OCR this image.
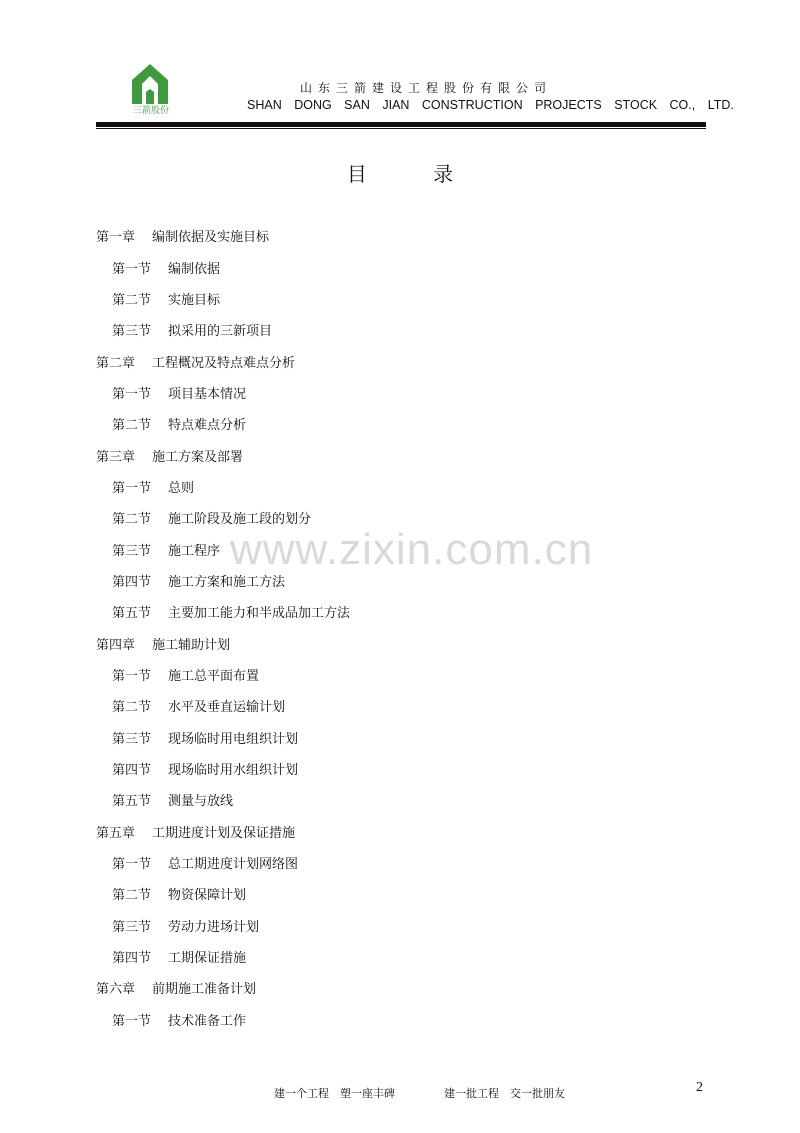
三箭股份
山东三箭建设工程股份有限公司
SHAN DONG SAN JIAN CONSTRUCTION PROJECTS STOCK CO., LTD.
目 录
www.zixin.com.cn
第一章	编制依据及实施目标
第一节	编制依据
第二节	实施目标
第三节	拟采用的三新项目
第二章	工程概况及特点难点分析
第一节	项目基本情况
第二节	特点难点分析
第三章	施工方案及部署
第一节	总则
第二节	施工阶段及施工段的划分
第三节	施工程序
第四节	施工方案和施工方法
第五节	主要加工能力和半成品加工方法
第四章	施工辅助计划
第一节	施工总平面布置
第二节	水平及垂直运输计划
第三节	现场临时用电组织计划
第四节	现场临时用水组织计划
第五节	测量与放线
第五章	工期进度计划及保证措施
第一节	总工期进度计划网络图
第二节	物资保障计划
第三节	劳动力进场计划
第四节	工期保证措施
第六章	前期施工准备计划
第一节	技术准备工作
建一个工程　塑一座丰碑	建一批工程　交一批朋友	2
